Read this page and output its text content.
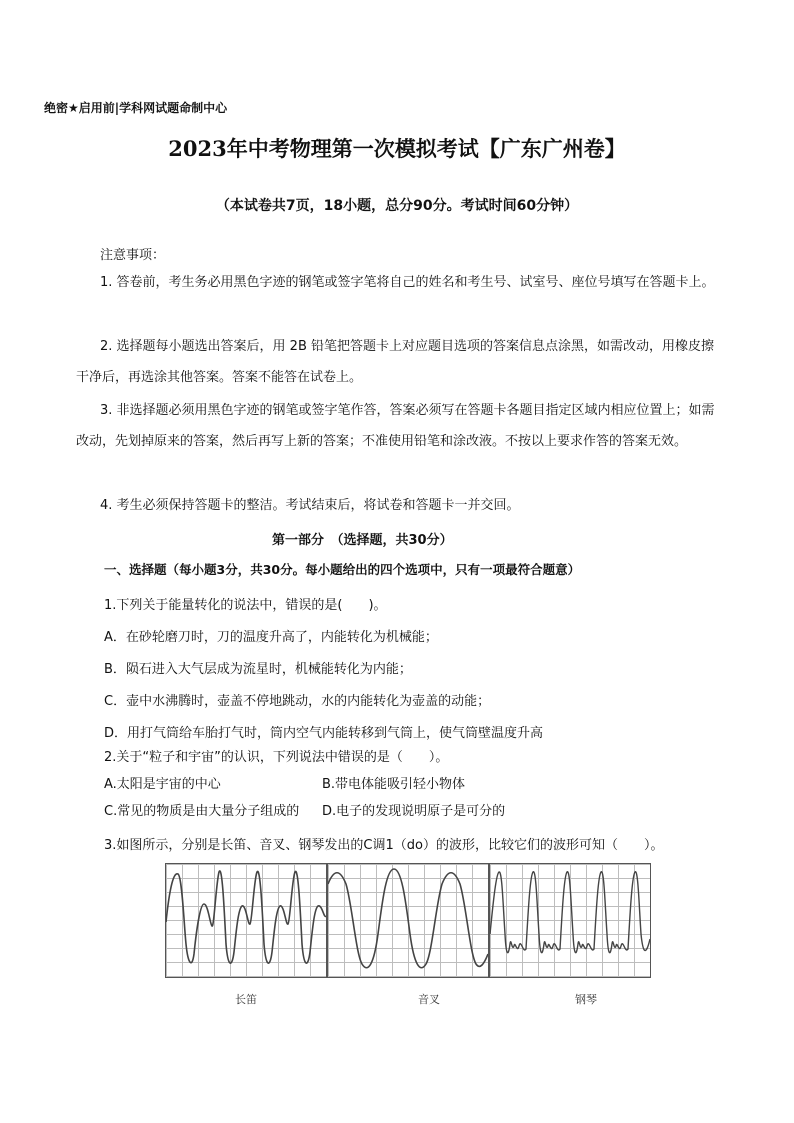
绝密★启用前|学科网试题命制中心
2023年中考物理第一次模拟考试【广东广州卷】
（本试卷共7页，18小题，总分90分。考试时间60分钟）
注意事项：

1. 答卷前，考生务必用黑色字迹的钢笔或签字笔将自己的姓名和考生号、试室号、座位号填写在答题卡上。

2. 选择题每小题选出答案后，用 2B 铅笔把答题卡上对应题目选项的答案信息点涂黑，如需改动，用橡皮擦干净后，再选涂其他答案。答案不能答在试卷上。

3. 非选择题必须用黑色字迹的钢笔或签字笔作答，答案必须写在答题卡各题目指定区域内相应位置上；如需改动，先划掉原来的答案，然后再写上新的答案；不准使用铅笔和涂改液。不按以上要求作答的答案无效。

4. 考生必须保持答题卡的整洁。考试结束后，将试卷和答题卡一并交回。

第一部分　（选择题，共30分）
一、选择题（每小题3分，共30分。每小题给出的四个选项中，只有一项最符合题意）
1.下列关于能量转化的说法中，错误的是(　　)。
A．在砂轮磨刀时，刀的温度升高了，内能转化为机械能；
B．陨石进入大气层成为流星时，机械能转化为内能；
C．壶中水沸腾时，壶盖不停地跳动，水的内能转化为壶盖的动能；
D．用打气筒给车胎打气时，筒内空气内能转移到气筒上，使气筒壁温度升高
2.关于“粒子和宇宙”的认识，下列说法中错误的是（　　）。
A.太阳是宇宙的中心	B.带电体能吸引轻小物体
C.常见的物质是由大量分子组成的 D.电子的发现说明原子是可分的
3.如图所示，分别是长笛、音叉、钢琴发出的C调1（do）的波形，比较它们的波形可知（　　）。
长笛	音叉	钢琴
